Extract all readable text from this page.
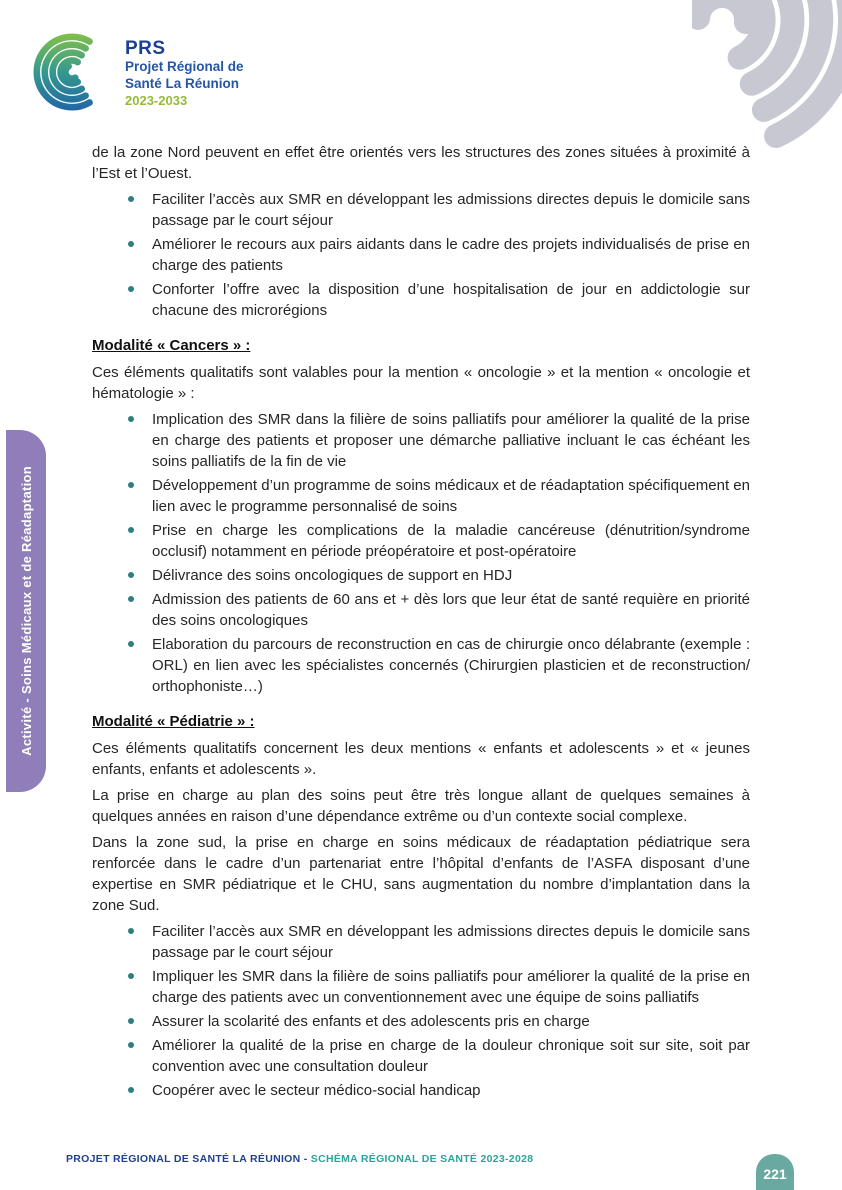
PRS
Projet Régional de
Santé La Réunion
2023-2033
Activité - Soins Médicaux et de Réadaptation

de la zone Nord peuvent en effet être orientés vers les structures des zones situées à proximité à l’Est et l’Ouest.

Faciliter l’accès aux SMR en développant les admissions directes depuis le domicile sans passage par le court séjour
Améliorer le recours aux pairs aidants dans le cadre des projets individualisés de prise en charge des patients
Conforter l’offre avec la disposition d’une hospitalisation de jour en addictologie sur chacune des microrégions
Modalité « Cancers » :

Ces éléments qualitatifs sont valables pour la mention « oncologie » et la mention « oncologie et hématologie » :

Implication des SMR dans la filière de soins palliatifs pour améliorer la qualité de la prise en charge des patients et proposer une démarche palliative incluant le cas échéant les soins palliatifs de la fin de vie
Développement d’un programme de soins médicaux et de réadaptation spécifiquement en lien avec le programme personnalisé de soins
Prise en charge les complications de la maladie cancéreuse (dénutrition/syndrome occlusif) notamment en période préopératoire et post-opératoire
Délivrance des soins oncologiques de support en HDJ
Admission des patients de 60 ans et + dès lors que leur état de santé requière en priorité des soins oncologiques
Elaboration du parcours de reconstruction en cas de chirurgie onco délabrante (exemple : ORL) en lien avec les spécialistes concernés (Chirurgien plasticien et de reconstruction/ orthophoniste…)
Modalité « Pédiatrie » :

Ces éléments qualitatifs concernent les deux mentions « enfants et adolescents » et « jeunes enfants, enfants et adolescents ».

La prise en charge au plan des soins peut être très longue allant de quelques semaines à quelques années en raison d’une dépendance extrême ou d’un contexte social complexe.

Dans la zone sud, la prise en charge en soins médicaux de réadaptation pédiatrique sera renforcée dans le cadre d’un partenariat entre l’hôpital d’enfants de l’ASFA disposant d’une expertise en SMR pédiatrique et le CHU, sans augmentation du nombre d’implantation dans la zone Sud.

Faciliter l’accès aux SMR en développant les admissions directes depuis le domicile sans passage par le court séjour
Impliquer les SMR dans la filière de soins palliatifs pour améliorer la qualité de la prise en charge des patients avec un conventionnement avec une équipe de soins palliatifs
Assurer la scolarité des enfants et des adolescents pris en charge
Améliorer la qualité de la prise en charge de la douleur chronique soit sur site, soit par convention avec une consultation douleur
Coopérer avec le secteur médico-social handicap
PROJET RÉGIONAL DE SANTÉ LA RÉUNION - SCHÉMA RÉGIONAL DE SANTÉ 2023-2028
221
